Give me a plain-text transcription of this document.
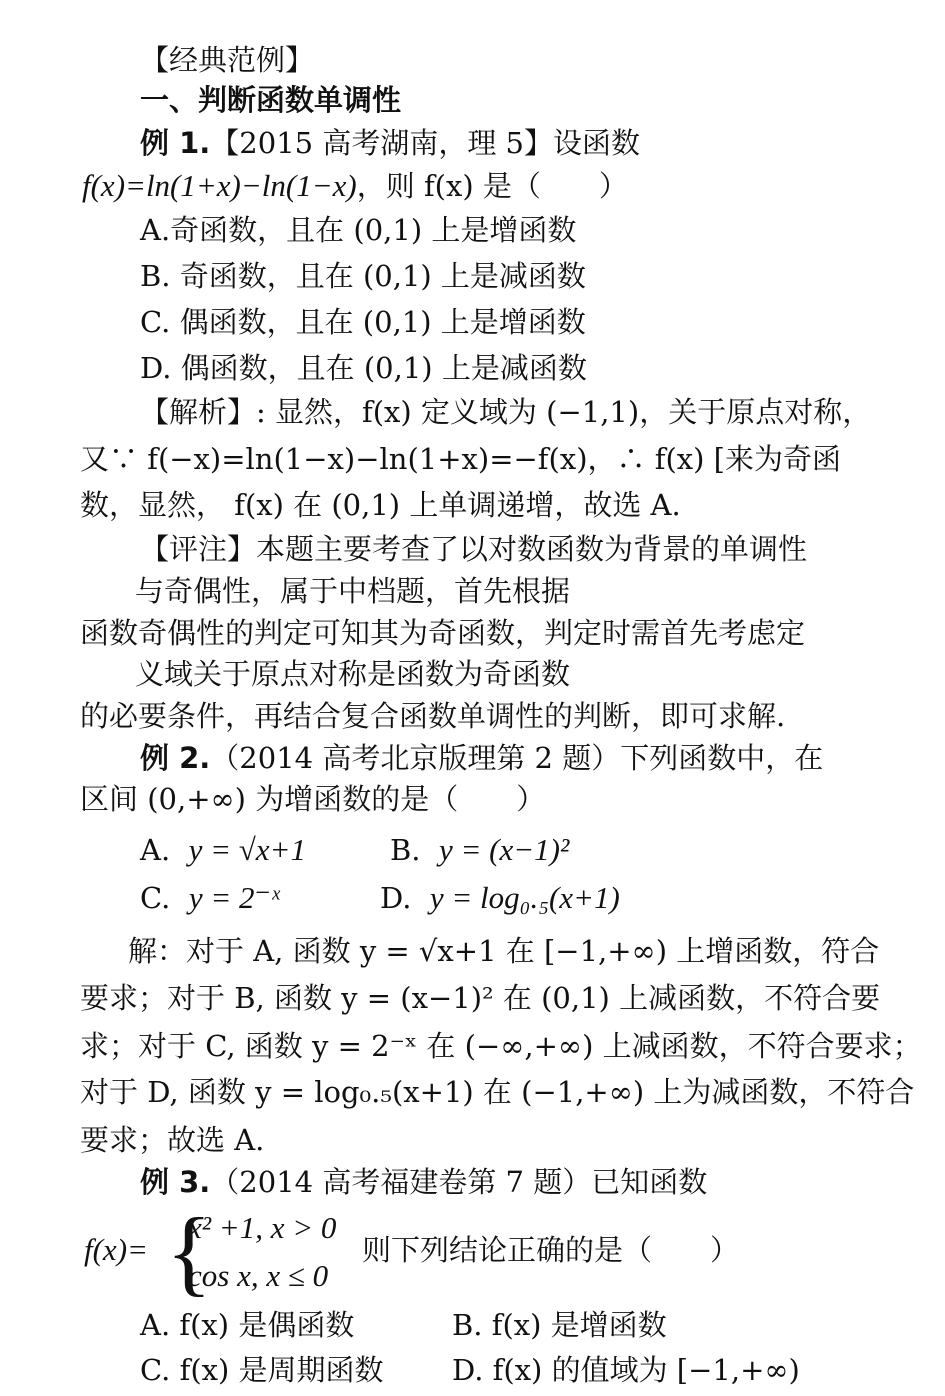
【经典范例】
一、判断函数单调性
例 1.【2015 高考湖南，理 5】设函数
f(x)=ln(1+x)−ln(1−x)，则 f(x) 是（　　）
A.奇函数，且在 (0,1) 上是增函数
B. 奇函数，且在 (0,1) 上是减函数
C. 偶函数，且在 (0,1) 上是增函数
D. 偶函数，且在 (0,1) 上是减函数
【解析】: 显然，f(x) 定义域为 (−1,1)，关于原点对称，
又∵ f(−x)=ln(1−x)−ln(1+x)=−f(x)，∴ f(x) [来为奇函
数，显然， f(x) 在 (0,1) 上单调递增，故选 A.
【评注】本题主要考查了以对数函数为背景的单调性
与奇偶性，属于中档题，首先根据
函数奇偶性的判定可知其为奇函数，判定时需首先考虑定
义域关于原点对称是函数为奇函数
的必要条件，再结合复合函数单调性的判断，即可求解.
例 2.（2014 高考北京版理第 2 题）下列函数中，在
区间 (0,+∞) 为增函数的是（　　）
A. y = √x+1	B. y = (x−1)²
C. y = 2⁻ˣ	D. y = log₀.₅(x+1)
解：对于 A, 函数 y = √x+1 在 [−1,+∞) 上增函数，符合
要求；对于 B, 函数 y = (x−1)² 在 (0,1) 上减函数，不符合要
求；对于 C, 函数 y = 2⁻ˣ 在 (−∞,+∞) 上减函数，不符合要求；
对于 D, 函数 y = log₀.₅(x+1) 在 (−1,+∞) 上为减函数，不符合
要求；故选 A.
例 3.（2014 高考福建卷第 7 题）已知函数
f(x)= {
x² +1, x > 0
cos x, x ≤ 0
则下列结论正确的是（　　）
A. f(x) 是偶函数	B. f(x) 是增函数
C. f(x) 是周期函数 D. f(x) 的值域为 [−1,+∞)
